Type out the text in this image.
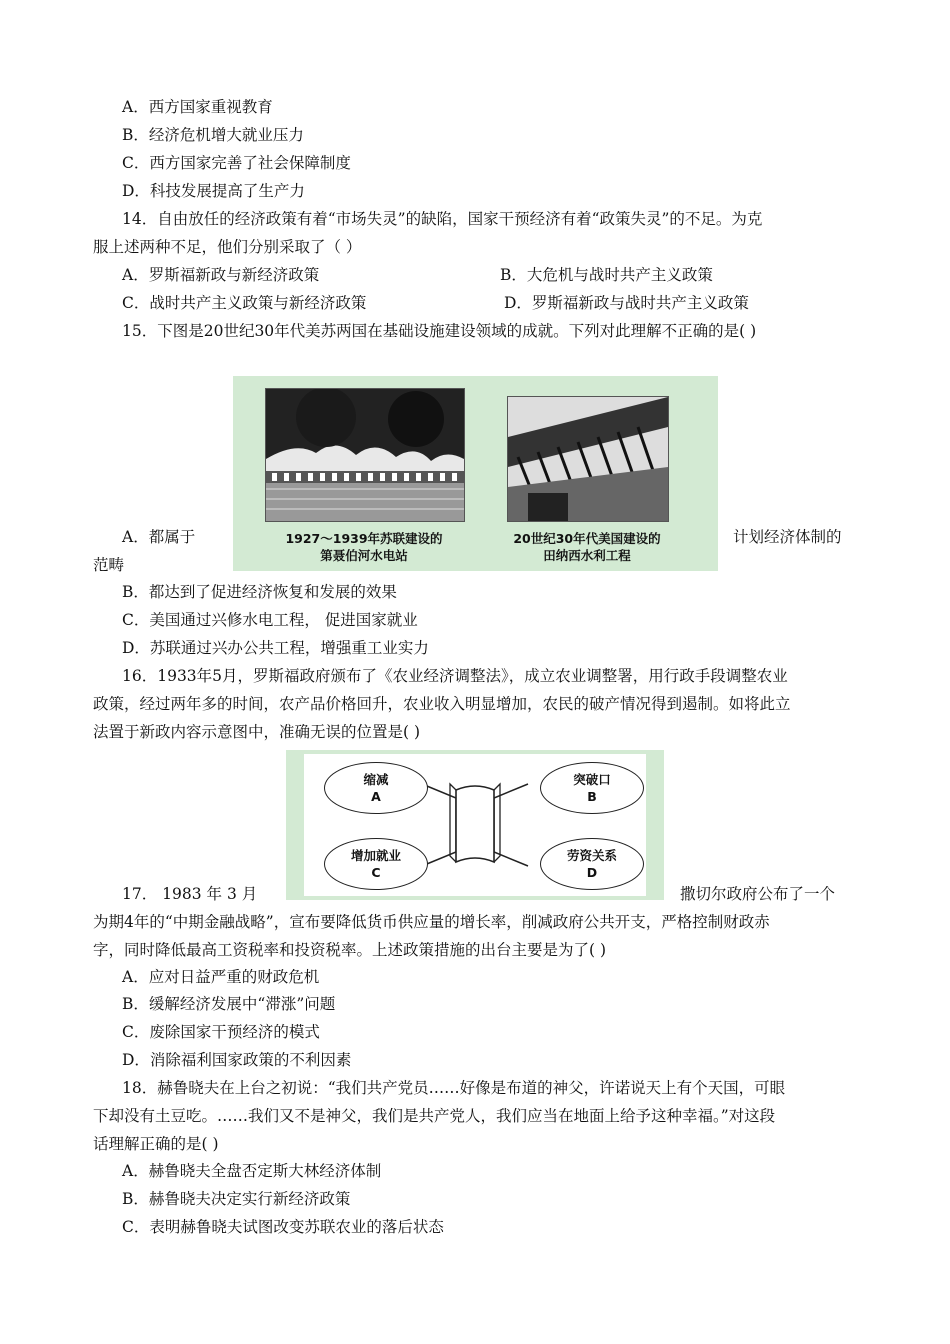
A．西方国家重视教育
B．经济危机增大就业压力
C．西方国家完善了社会保障制度
D．科技发展提高了生产力
14．自由放任的经济政策有着“市场失灵”的缺陷，国家干预经济有着“政策失灵”的不足。为克
服上述两种不足，他们分别采取了（ ）
A．罗斯福新政与新经济政策	B．大危机与战时共产主义政策
C．战时共产主义政策与新经济政策	D．罗斯福新政与战时共产主义政策
15．下图是20世纪30年代美苏两国在基础设施建设领域的成就。下列对此理解不正确的是( )
1927～1939年苏联建设的
第聂伯河水电站
20世纪30年代美国建设的
田纳西水利工程
A．都属于	计划经济体制的
范畴
B．都达到了促进经济恢复和发展的效果
C．美国通过兴修水电工程， 促进国家就业
D．苏联通过兴办公共工程，增强重工业实力
16．1933年5月，罗斯福政府颁布了《农业经济调整法》，成立农业调整署，用行政手段调整农业
政策，经过两年多的时间，农产品价格回升，农业收入明显增加，农民的破产情况得到遏制。如将此立
法置于新政内容示意图中，准确无误的位置是( )
缩减
A
突破口
B
增加就业
C
劳资关系
D
17． 1983 年 3 月	撒切尔政府公布了一个
为期4年的“中期金融战略”，宣布要降低货币供应量的增长率，削减政府公共开支，严格控制财政赤
字，同时降低最高工资税率和投资税率。上述政策措施的出台主要是为了( )
A．应对日益严重的财政危机
B．缓解经济发展中“滞涨”问题
C．废除国家干预经济的模式
D．消除福利国家政策的不利因素
18．赫鲁晓夫在上台之初说：“我们共产党员……好像是布道的神父，许诺说天上有个天国，可眼
下却没有土豆吃。……我们又不是神父，我们是共产党人，我们应当在地面上给予这种幸福。”对这段
话理解正确的是( )
A．赫鲁晓夫全盘否定斯大林经济体制
B．赫鲁晓夫决定实行新经济政策
C．表明赫鲁晓夫试图改变苏联农业的落后状态
